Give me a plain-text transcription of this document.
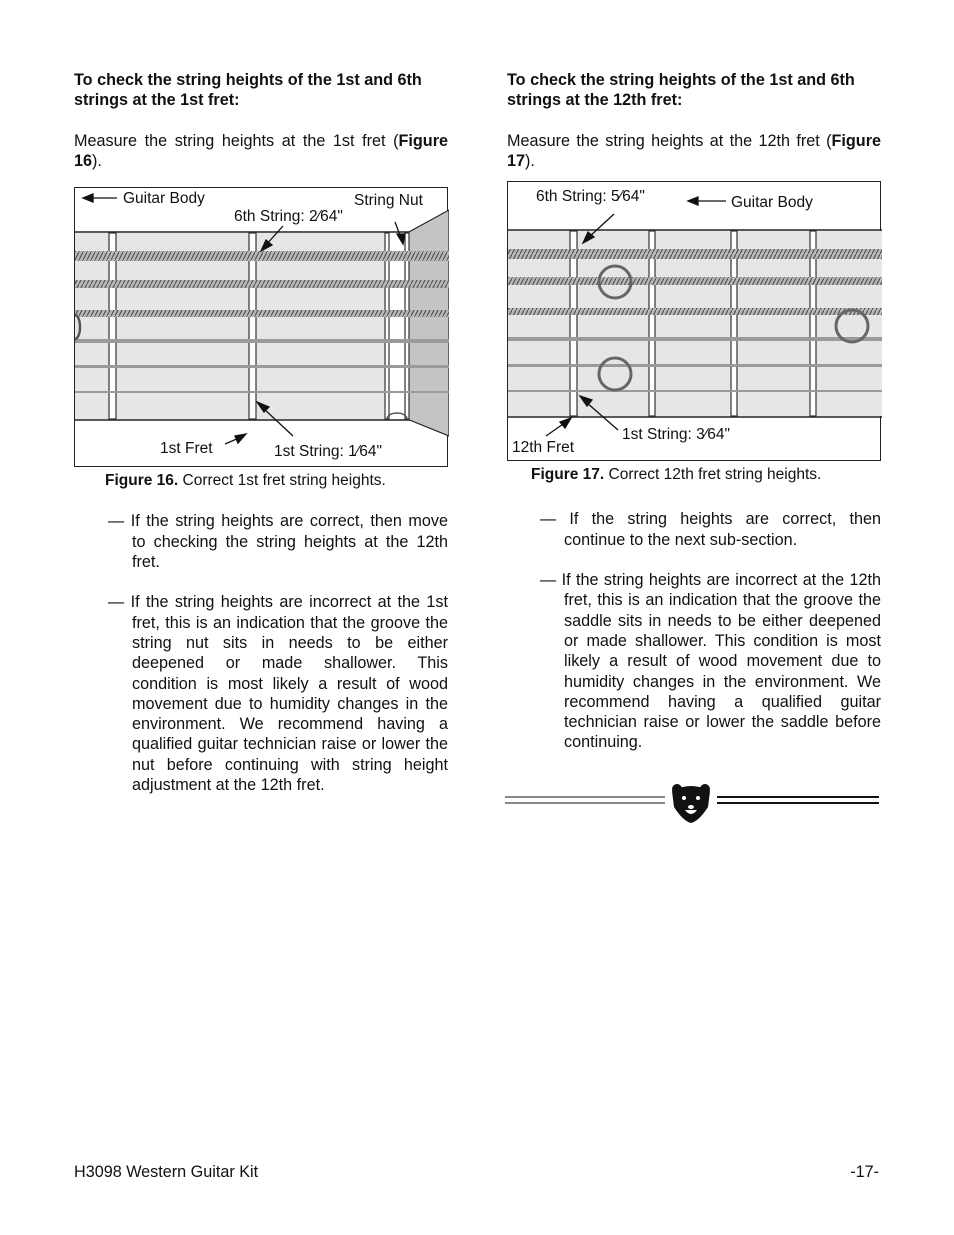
To check the string heights of the 1st and 6th strings at the 1st fret:

Measure the string heights at the 1st fret (Figure 16).

Guitar Body	String Nut
6th String: 2⁄64"
1st Fret	1st String: 1⁄64"
Figure 16. Correct 1st fret string heights.

— If the string heights are correct, then move to checking the string heights at the 12th fret.

— If the string heights are incorrect at the 1st fret, this is an indication that the groove the string nut sits in needs to be either deepened or made shallower. This condition is most likely a result of wood movement due to humidity changes in the environment. We recommend having a qualified guitar technician raise or lower the nut before continuing with string height adjustment at the 12th fret.

To check the string heights of the 1st and 6th strings at the 12th fret:

Measure the string heights at the 12th fret (Figure 17).

6th String: 5⁄64"	Guitar Body
12th Fret
1st String: 3⁄64"
Figure 17. Correct 12th fret string heights.

— If the string heights are correct, then continue to the next sub-section.

— If the string heights are incorrect at the 12th fret, this is an indication that the groove the saddle sits in needs to be either deepened or made shallower. This condition is most likely a result of wood movement due to humidity changes in the environment. We recommend having a qualified guitar technician raise or lower the saddle before continuing.

H3098 Western Guitar Kit	-17-
